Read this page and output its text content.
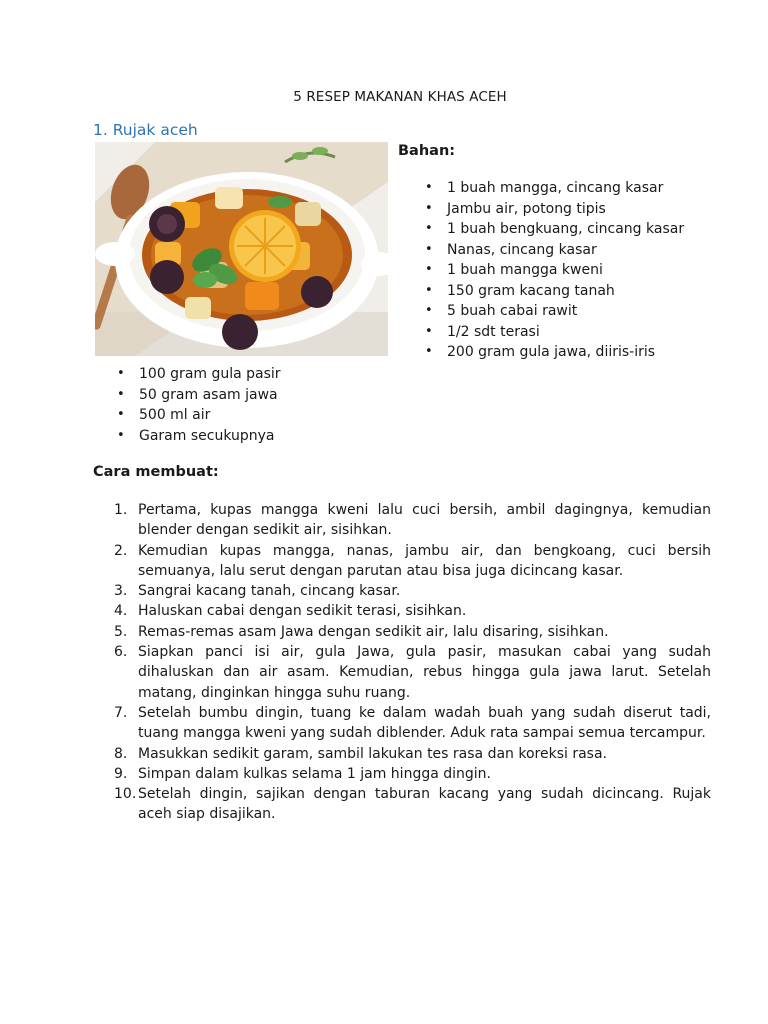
5 RESEP MAKANAN KHAS ACEH
1. Rujak aceh
Bahan:
• 1 buah mangga, cincang kasar
• Jambu air, potong tipis
• 1 buah bengkuang, cincang kasar
• Nanas, cincang kasar
• 1 buah mangga kweni
• 150 gram kacang tanah
• 5 buah cabai rawit
• 1/2 sdt terasi
• 200 gram gula jawa, diiris-iris
• 100 gram gula pasir
• 50 gram asam jawa
• 500 ml air
• Garam secukupnya
Cara membuat:
1. Pertama, kupas mangga kweni lalu cuci bersih, ambil dagingnya, kemudian blender dengan sedikit air, sisihkan.
2. Kemudian kupas mangga, nanas, jambu air, dan bengkoang, cuci bersih semuanya, lalu serut dengan parutan atau bisa juga dicincang kasar.
3. Sangrai kacang tanah, cincang kasar.
4. Haluskan cabai dengan sedikit terasi, sisihkan.
5. Remas-remas asam Jawa dengan sedikit air, lalu disaring, sisihkan.
6. Siapkan panci isi air, gula Jawa, gula pasir, masukan cabai yang sudah dihaluskan dan air asam. Kemudian, rebus hingga gula jawa larut. Setelah matang, dinginkan hingga suhu ruang.
7. Setelah bumbu dingin, tuang ke dalam wadah buah yang sudah diserut tadi, tuang mangga kweni yang sudah diblender. Aduk rata sampai semua tercampur.
8. Masukkan sedikit garam, sambil lakukan tes rasa dan koreksi rasa.
9. Simpan dalam kulkas selama 1 jam hingga dingin.
10. Setelah dingin, sajikan dengan taburan kacang yang sudah dicincang. Rujak aceh siap disajikan.
